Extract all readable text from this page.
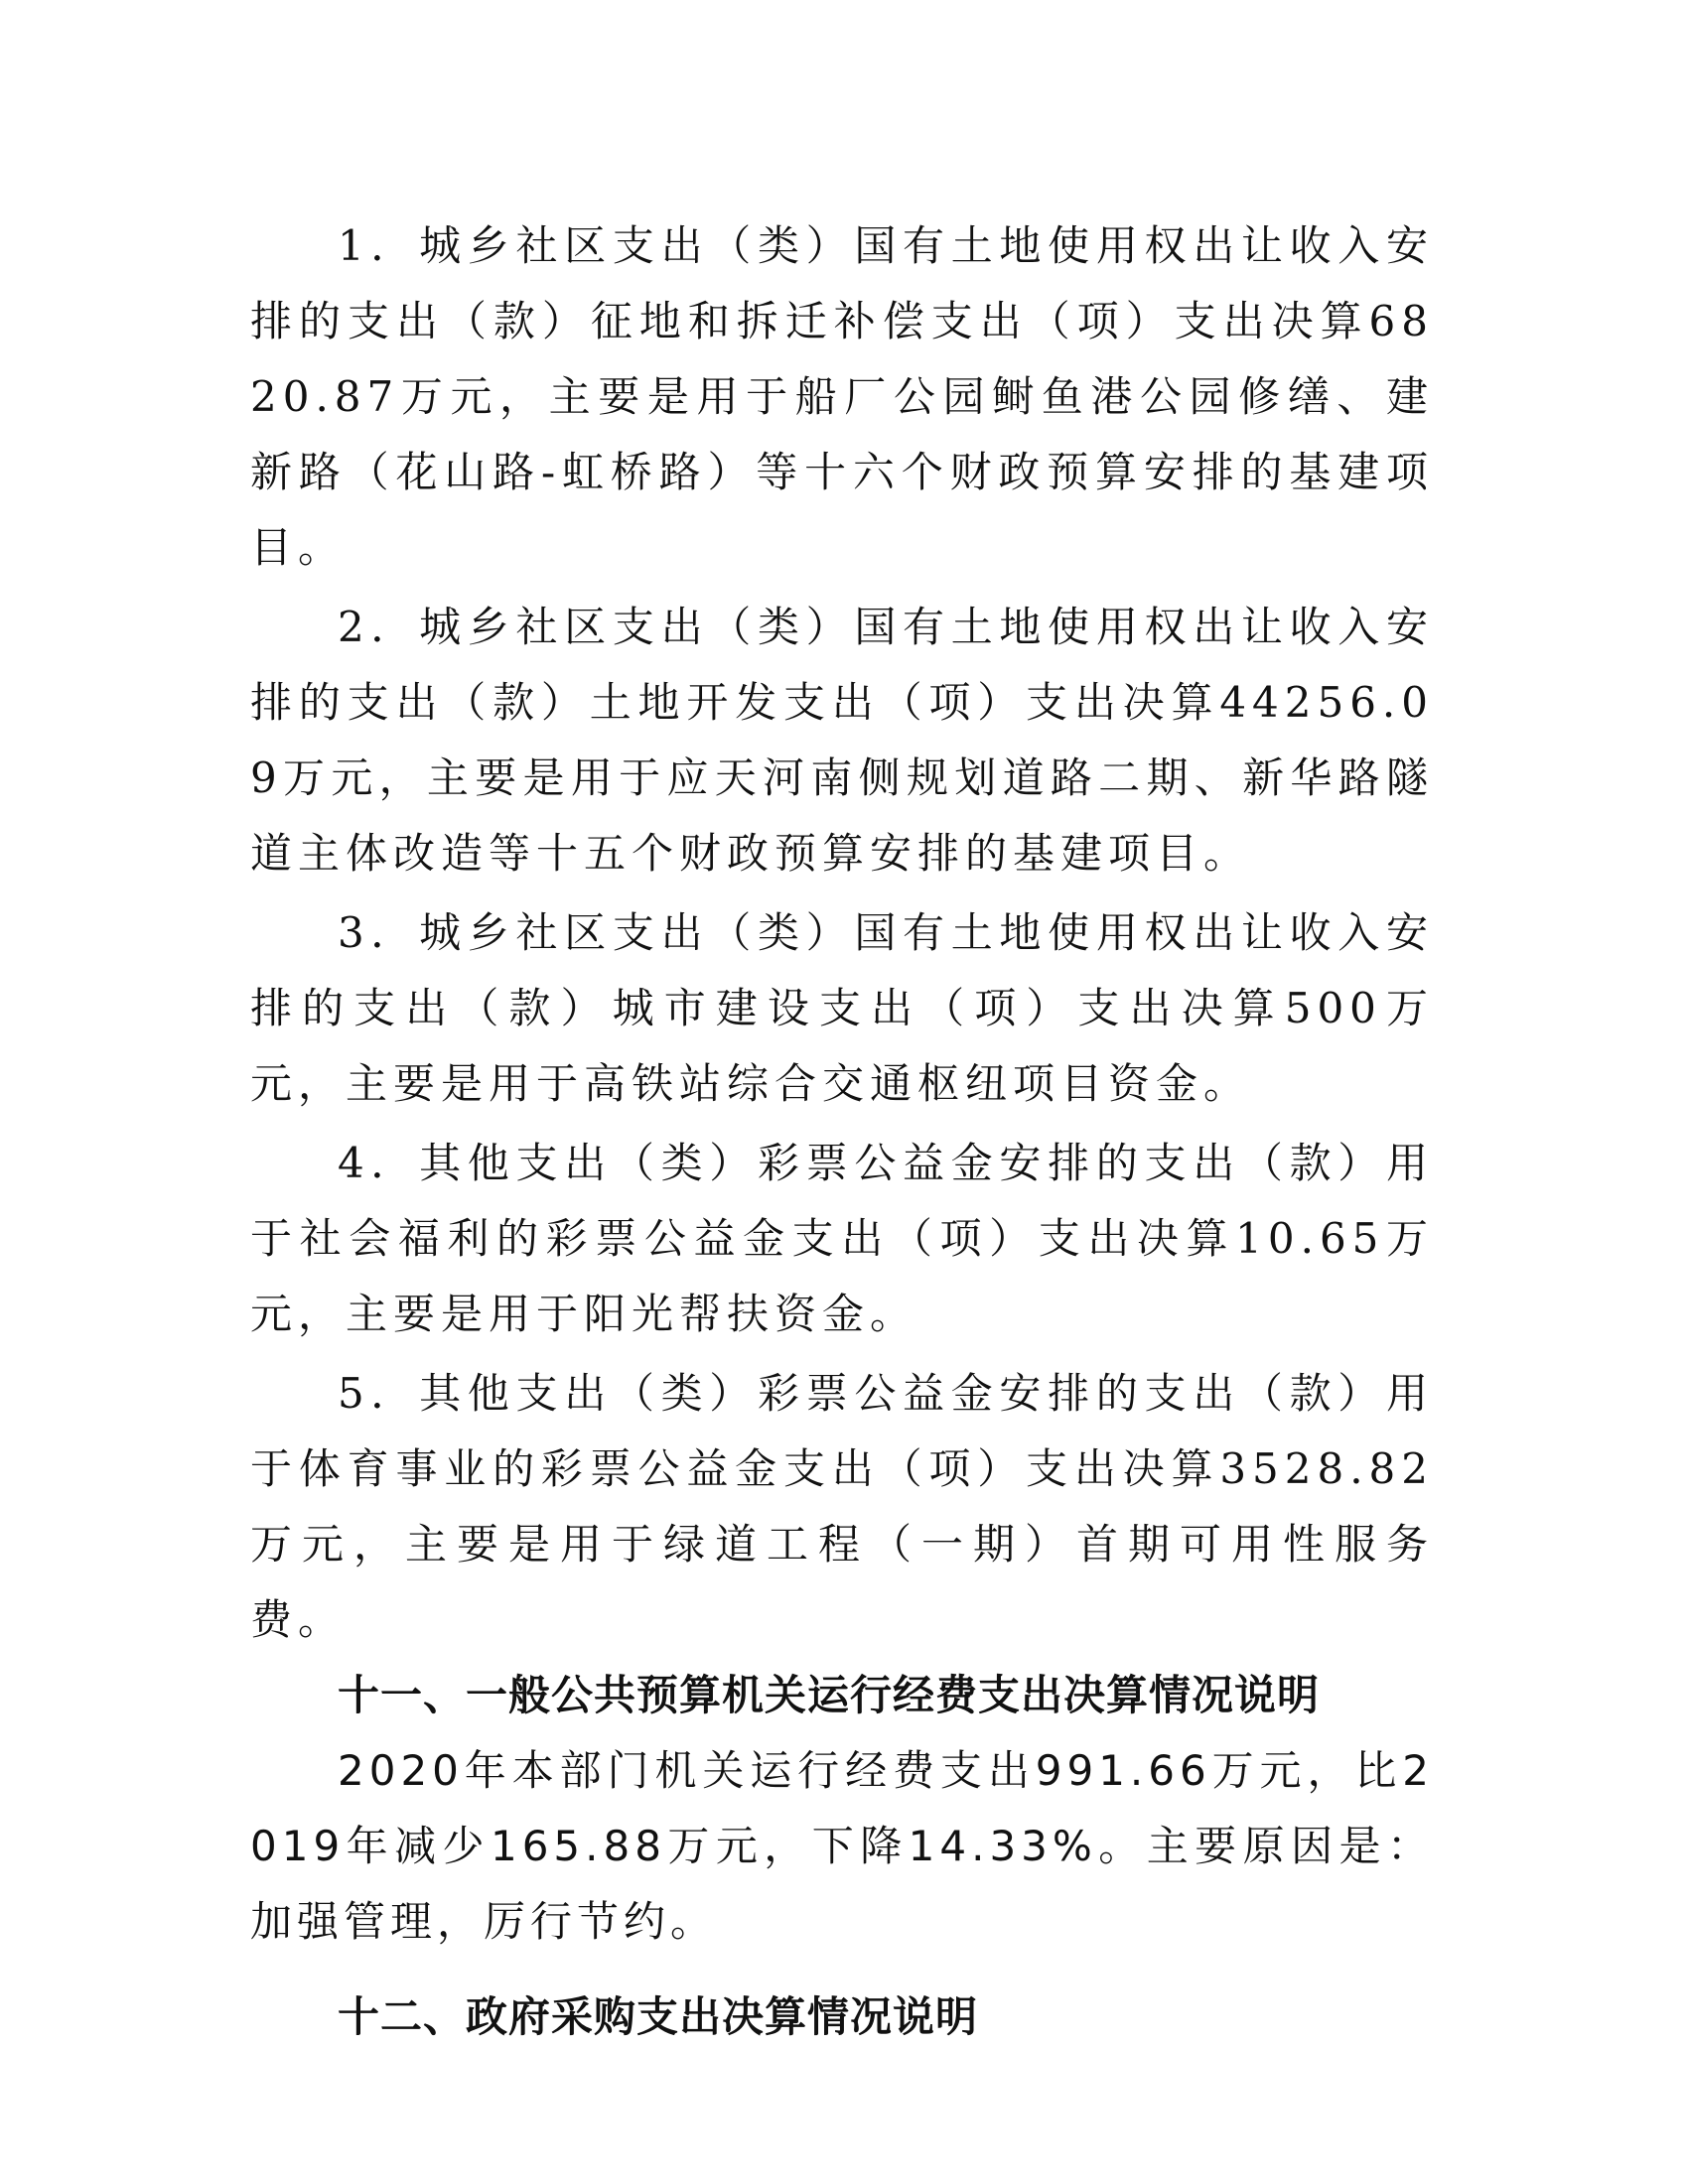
1．城乡社区支出（类）国有土地使用权出让收入安排的支出（款）征地和拆迁补偿支出（项）支出决算6820.87万元，主要是用于船厂公园鲥鱼港公园修缮、建新路（花山路-虹桥路）等十六个财政预算安排的基建项目。

2．城乡社区支出（类）国有土地使用权出让收入安排的支出（款）土地开发支出（项）支出决算44256.09万元，主要是用于应天河南侧规划道路二期、新华路隧道主体改造等十五个财政预算安排的基建项目。

3．城乡社区支出（类）国有土地使用权出让收入安排的支出（款）城市建设支出（项）支出决算500万元，主要是用于高铁站综合交通枢纽项目资金。

4．其他支出（类）彩票公益金安排的支出（款）用于社会福利的彩票公益金支出（项）支出决算10.65万元，主要是用于阳光帮扶资金。

5．其他支出（类）彩票公益金安排的支出（款）用于体育事业的彩票公益金支出（项）支出决算3528.82万元，主要是用于绿道工程（一期）首期可用性服务费。

十一、一般公共预算机关运行经费支出决算情况说明

2020年本部门机关运行经费支出991.66万元，比2019年减少165.88万元，下降14.33%。主要原因是：加强管理，厉行节约。

十二、政府采购支出决算情况说明
